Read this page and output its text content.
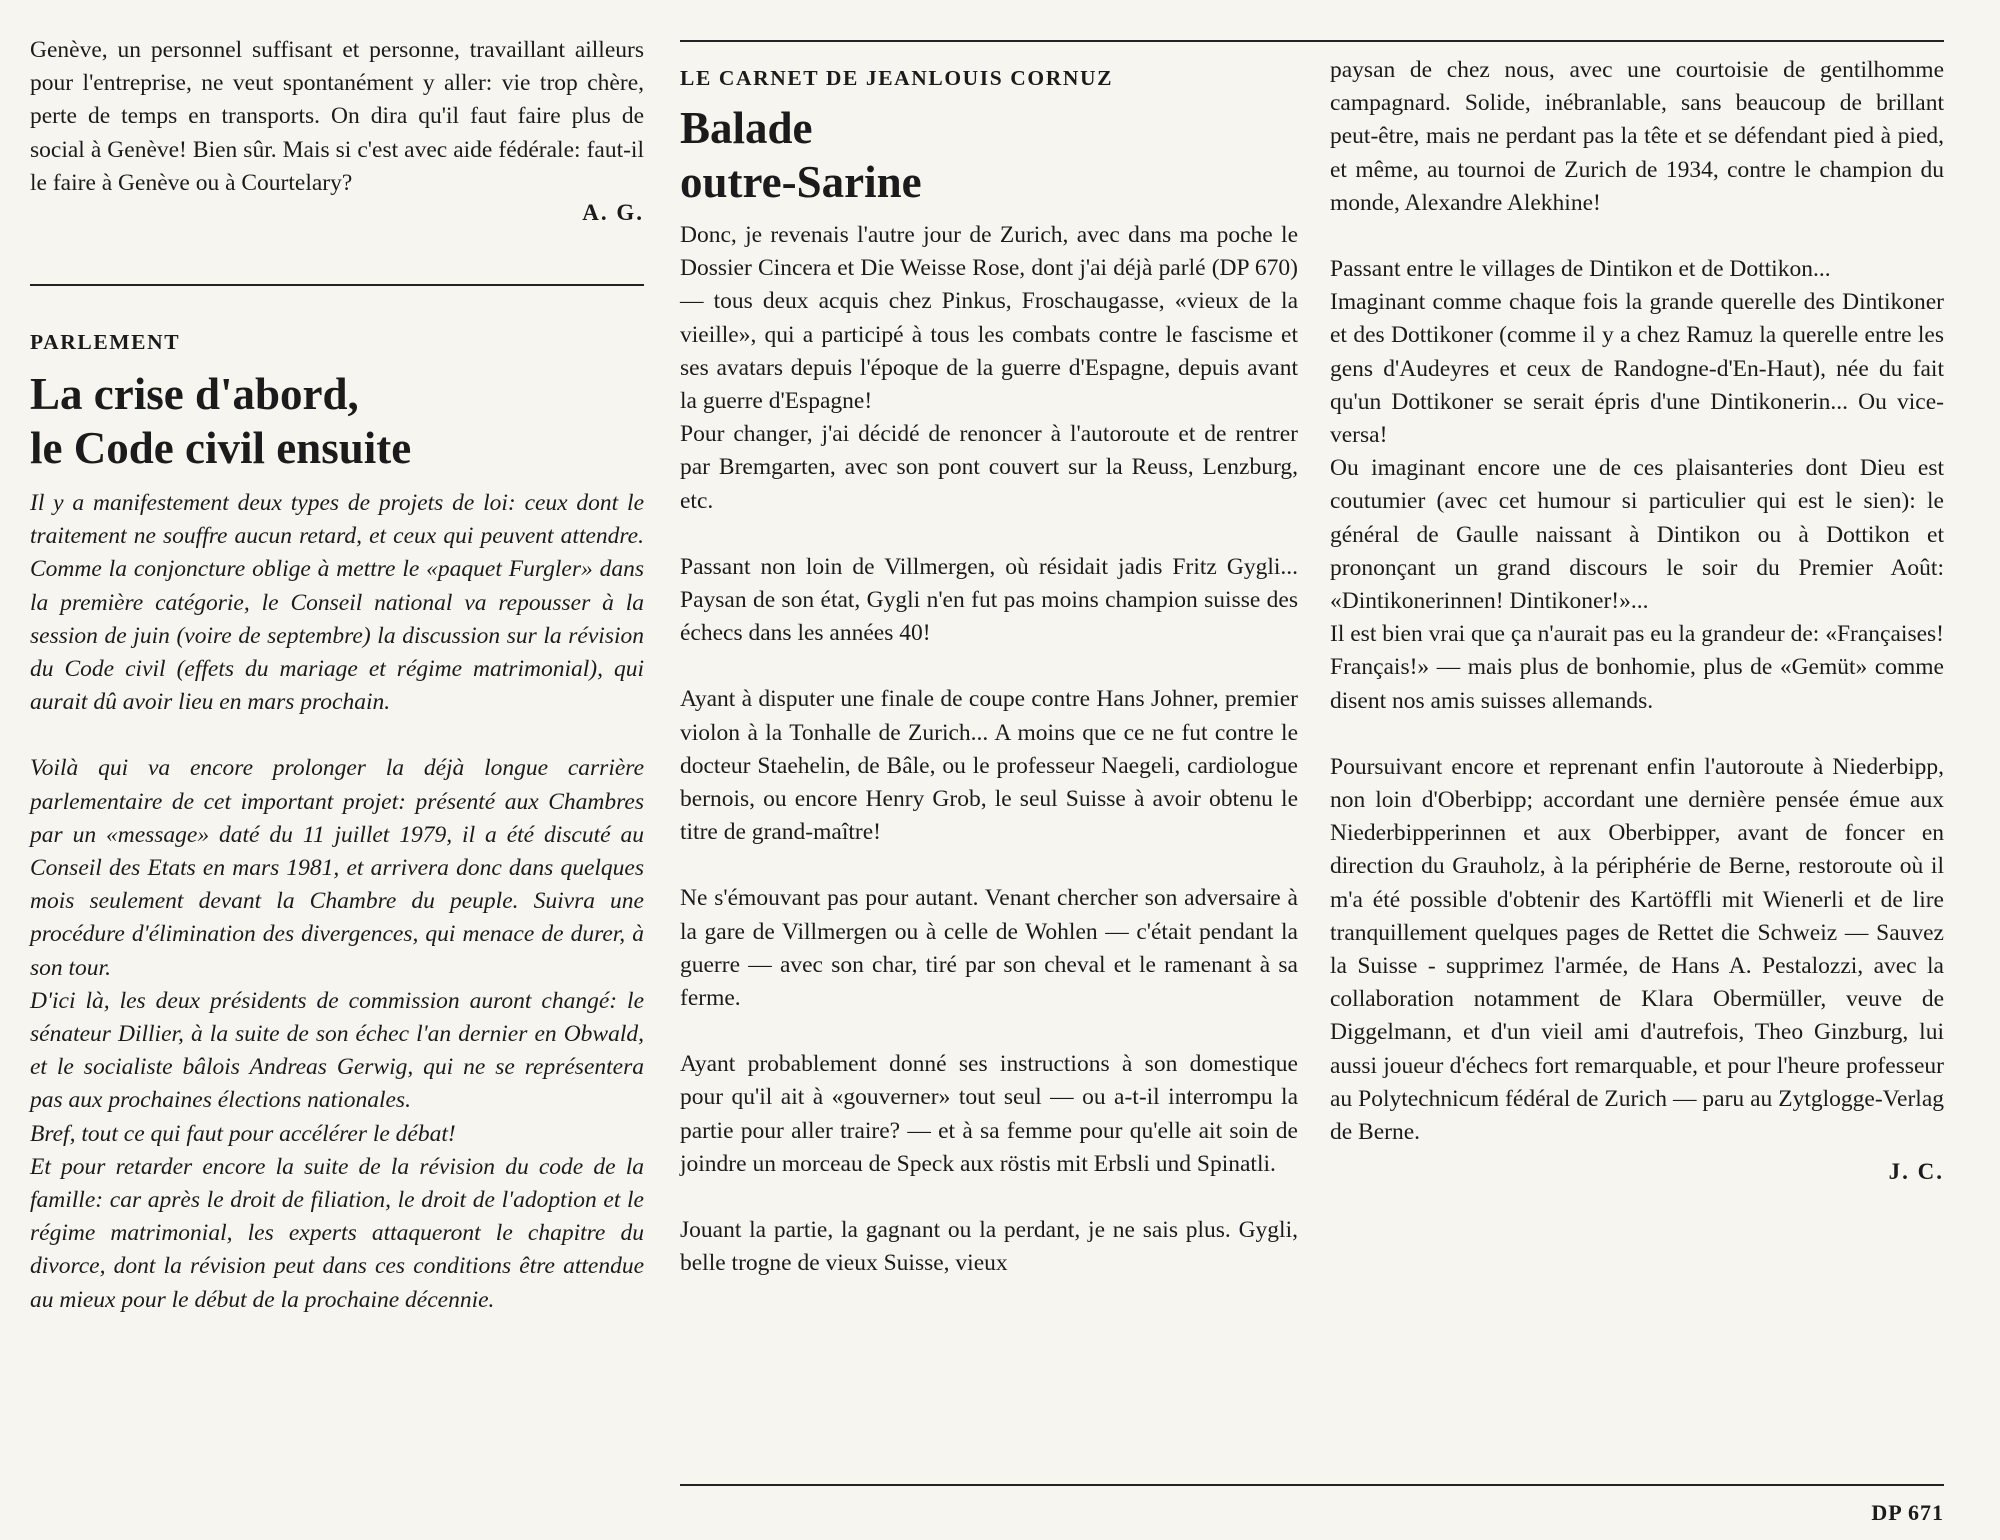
Genève, un personnel suffisant et personne, travaillant ailleurs pour l'entreprise, ne veut spontanément y aller: vie trop chère, perte de temps en transports. On dira qu'il faut faire plus de social à Genève! Bien sûr. Mais si c'est avec aide fédérale: faut-il le faire à Genève ou à Courtelary?

A. G.

PARLEMENT

La crise d'abord,

le Code civil ensuite

Il y a manifestement deux types de projets de loi: ceux dont le traitement ne souffre aucun retard, et ceux qui peuvent attendre. Comme la conjoncture oblige à mettre le «paquet Furgler» dans la première catégorie, le Conseil national va repousser à la session de juin (voire de septembre) la discussion sur la révision du Code civil (effets du mariage et régime matrimonial), qui aurait dû avoir lieu en mars prochain.

Voilà qui va encore prolonger la déjà longue carrière parlementaire de cet important projet: présenté aux Chambres par un «message» daté du 11 juillet 1979, il a été discuté au Conseil des Etats en mars 1981, et arrivera donc dans quelques mois seulement devant la Chambre du peuple. Suivra une procédure d'élimination des divergences, qui menace de durer, à son tour.

D'ici là, les deux présidents de commission auront changé: le sénateur Dillier, à la suite de son échec l'an dernier en Obwald, et le socialiste bâlois Andreas Gerwig, qui ne se représentera pas aux prochaines élections nationales.

Bref, tout ce qui faut pour accélérer le débat!

Et pour retarder encore la suite de la révision du code de la famille: car après le droit de filiation, le droit de l'adoption et le régime matrimonial, les experts attaqueront le chapitre du divorce, dont la révision peut dans ces conditions être attendue au mieux pour le début de la prochaine décennie.

LE CARNET DE JEANLOUIS CORNUZ

Balade

outre-Sarine

Donc, je revenais l'autre jour de Zurich, avec dans ma poche le Dossier Cincera et Die Weisse Rose, dont j'ai déjà parlé (DP 670) — tous deux acquis chez Pinkus, Froschaugasse, «vieux de la vieille», qui a participé à tous les combats contre le fascisme et ses avatars depuis l'époque de la guerre d'Espagne, depuis avant la guerre d'Espagne!

Pour changer, j'ai décidé de renoncer à l'autoroute et de rentrer par Bremgarten, avec son pont couvert sur la Reuss, Lenzburg, etc.

Passant non loin de Villmergen, où résidait jadis Fritz Gygli... Paysan de son état, Gygli n'en fut pas moins champion suisse des échecs dans les années 40!

Ayant à disputer une finale de coupe contre Hans Johner, premier violon à la Tonhalle de Zurich... A moins que ce ne fut contre le docteur Staehelin, de Bâle, ou le professeur Naegeli, cardiologue bernois, ou encore Henry Grob, le seul Suisse à avoir obtenu le titre de grand-maître!

Ne s'émouvant pas pour autant. Venant chercher son adversaire à la gare de Villmergen ou à celle de Wohlen — c'était pendant la guerre — avec son char, tiré par son cheval et le ramenant à sa ferme.

Ayant probablement donné ses instructions à son domestique pour qu'il ait à «gouverner» tout seul — ou a-t-il interrompu la partie pour aller traire? — et à sa femme pour qu'elle ait soin de joindre un morceau de Speck aux röstis mit Erbsli und Spinatli.

Jouant la partie, la gagnant ou la perdant, je ne sais plus. Gygli, belle trogne de vieux Suisse, vieux

paysan de chez nous, avec une courtoisie de gentilhomme campagnard. Solide, inébranlable, sans beaucoup de brillant peut-être, mais ne perdant pas la tête et se défendant pied à pied, et même, au tournoi de Zurich de 1934, contre le champion du monde, Alexandre Alekhine!

Passant entre le villages de Dintikon et de Dottikon...

Imaginant comme chaque fois la grande querelle des Dintikoner et des Dottikoner (comme il y a chez Ramuz la querelle entre les gens d'Audeyres et ceux de Randogne-d'En-Haut), née du fait qu'un Dottikoner se serait épris d'une Dintikonerin... Ou vice-versa!

Ou imaginant encore une de ces plaisanteries dont Dieu est coutumier (avec cet humour si particulier qui est le sien): le général de Gaulle naissant à Dintikon ou à Dottikon et prononçant un grand discours le soir du Premier Août: «Dintikonerinnen! Dintikoner!»...

Il est bien vrai que ça n'aurait pas eu la grandeur de: «Françaises! Français!» — mais plus de bonhomie, plus de «Gemüt» comme disent nos amis suisses allemands.

Poursuivant encore et reprenant enfin l'autoroute à Niederbipp, non loin d'Oberbipp; accordant une dernière pensée émue aux Niederbipperinnen et aux Oberbipper, avant de foncer en direction du Grauholz, à la périphérie de Berne, restoroute où il m'a été possible d'obtenir des Kartöffli mit Wienerli et de lire tranquillement quelques pages de Rettet die Schweiz — Sauvez la Suisse - supprimez l'armée, de Hans A. Pestalozzi, avec la collaboration notamment de Klara Obermüller, veuve de Diggelmann, et d'un vieil ami d'autrefois, Theo Ginzburg, lui aussi joueur d'échecs fort remarquable, et pour l'heure professeur au Polytechnicum fédéral de Zurich — paru au Zytglogge-Verlag de Berne.

J. C.

DP 671
